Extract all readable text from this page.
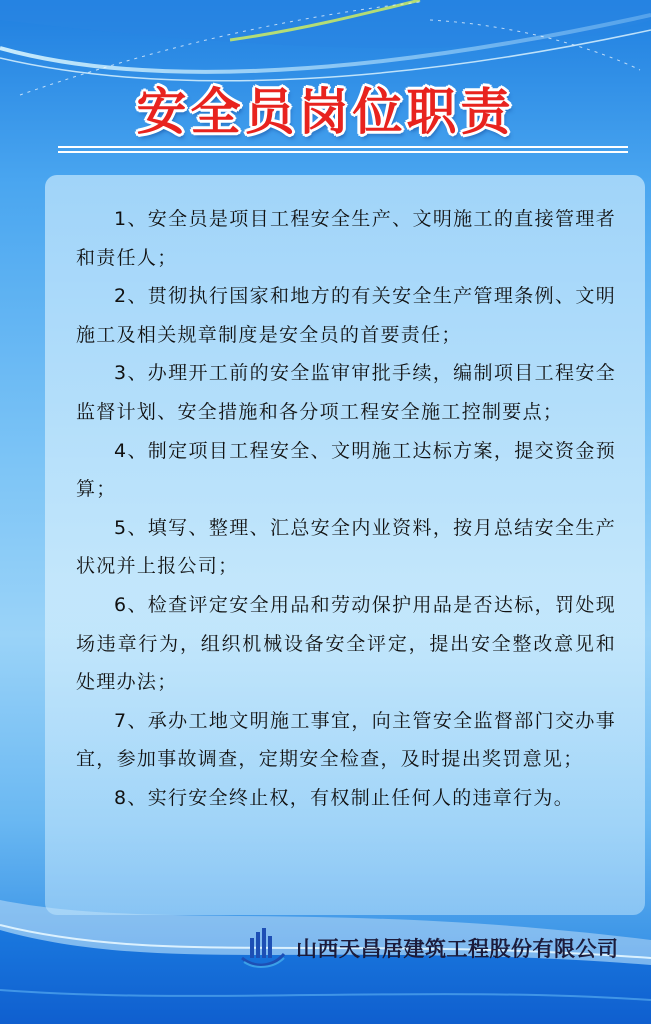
安全员岗位职责

1、安全员是项目工程安全生产、文明施工的直接管理者和责任人；

2、贯彻执行国家和地方的有关安全生产管理条例、文明施工及相关规章制度是安全员的首要责任；

3、办理开工前的安全监审审批手续，编制项目工程安全监督计划、安全措施和各分项工程安全施工控制要点；

4、制定项目工程安全、文明施工达标方案，提交资金预算；

5、填写、整理、汇总安全内业资料，按月总结安全生产状况并上报公司；

6、检查评定安全用品和劳动保护用品是否达标，罚处现场违章行为，组织机械设备安全评定，提出安全整改意见和处理办法；

7、承办工地文明施工事宜，向主管安全监督部门交办事宜，参加事故调查，定期安全检查，及时提出奖罚意见；

8、实行安全终止权，有权制止任何人的违章行为。

山西天昌居建筑工程股份有限公司
